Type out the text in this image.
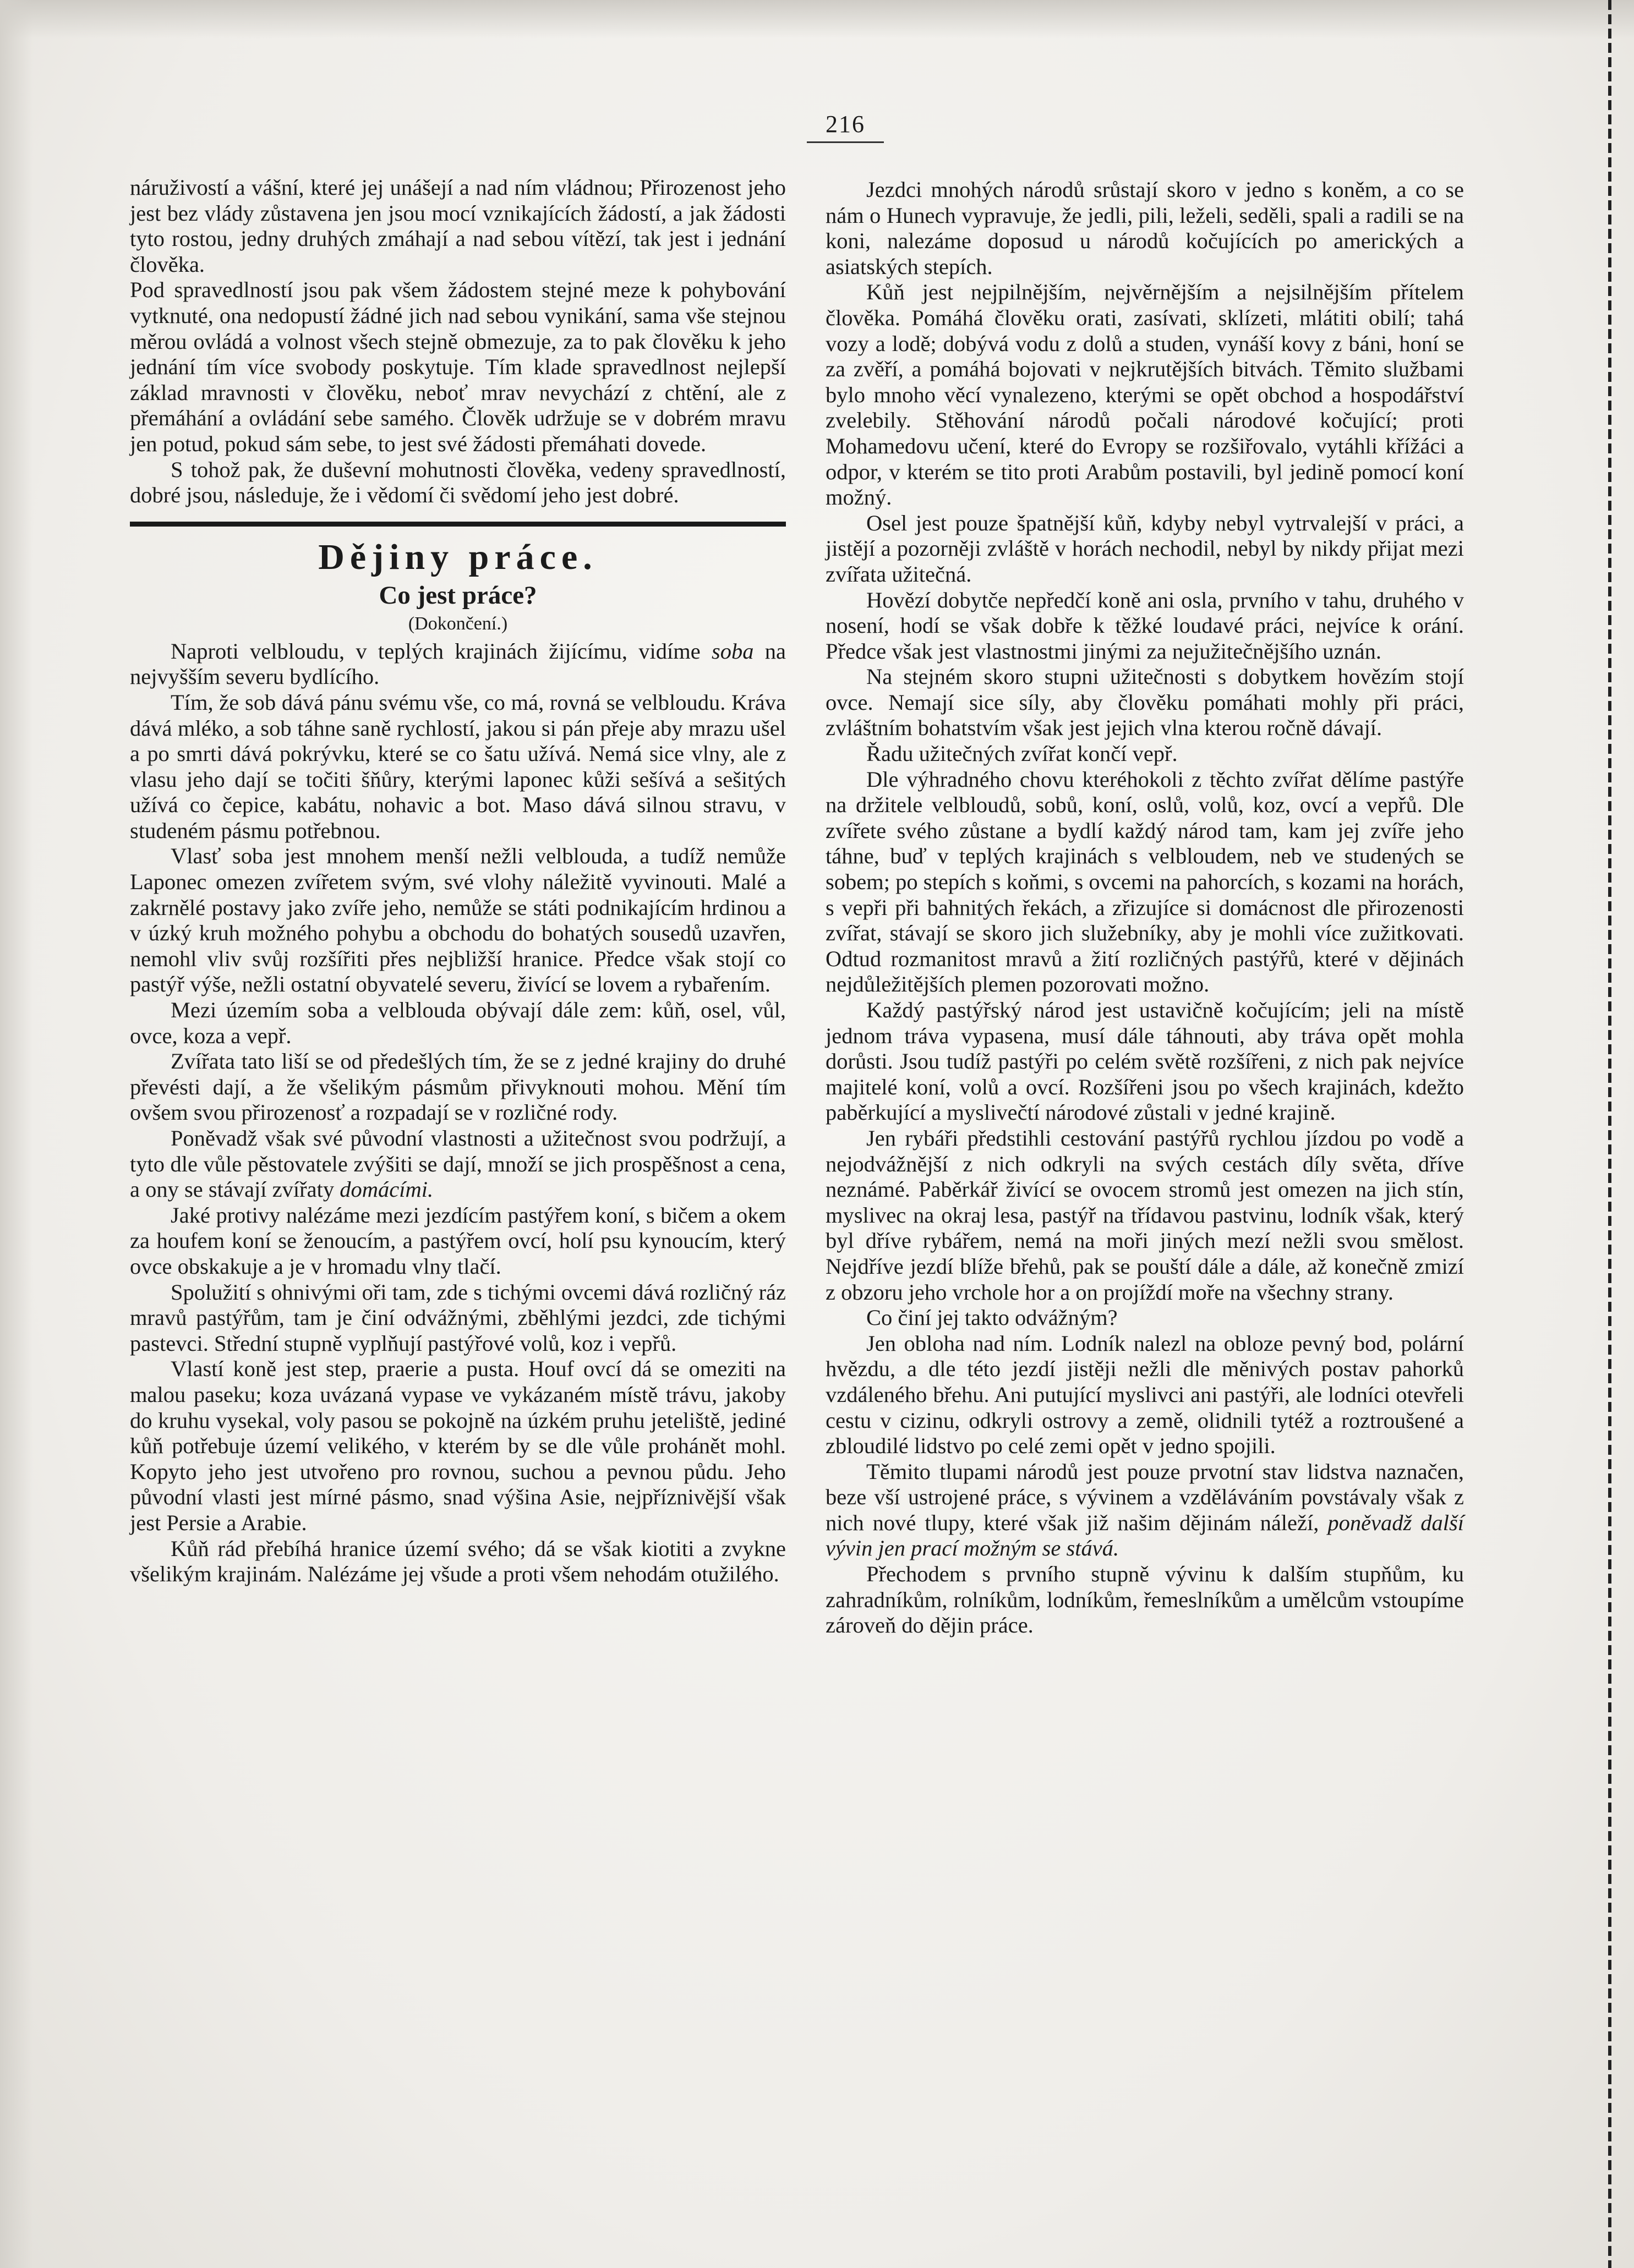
216

náruživostí a vášní, které jej unášejí a nad ním vládnou; Přirozenost jeho jest bez vlády zůstavena jen jsou mocí vznikajících žádostí, a jak žádosti tyto rostou, jedny druhých zmáhají a nad sebou vítězí, tak jest i jednání člověka.

Pod spravedlností jsou pak všem žádostem stejné meze k pohybování vytknuté, ona nedopustí žádné jich nad sebou vynikání, sama vše stejnou měrou ovládá a volnost všech stejně obmezuje, za to pak člověku k jeho jednání tím více svobody poskytuje. Tím klade spravedlnost nejlepší základ mravnosti v člověku, neboť mrav nevychází z chtění, ale z přemáhání a ovládání sebe samého. Člověk udržuje se v dobrém mravu jen potud, pokud sám sebe, to jest své žádosti přemáhati dovede.

S tohož pak, že duševní mohutnosti člověka, vedeny spravedlností, dobré jsou, následuje, že i vědomí či svědomí jeho jest dobré.

Dějiny práce.
Co jest práce?
(Dokončení.)

Naproti velbloudu, v teplých krajinách žijícímu, vidíme soba na nejvyšším severu bydlícího.

Tím, že sob dává pánu svému vše, co má, rovná se velbloudu. Kráva dává mléko, a sob táhne saně rychlostí, jakou si pán přeje aby mrazu ušel a po smrti dává pokrývku, které se co šatu užívá. Nemá sice vlny, ale z vlasu jeho dají se točiti šňůry, kterými laponec kůži sešívá a sešitých užívá co čepice, kabátu, nohavic a bot. Maso dává silnou stravu, v studeném pásmu potřebnou.

Vlasť soba jest mnohem menší nežli velblouda, a tudíž nemůže Laponec omezen zvířetem svým, své vlohy náležitě vyvinouti. Malé a zakrnělé postavy jako zvíře jeho, nemůže se státi podnikajícím hrdinou a v úzký kruh možného pohybu a obchodu do bohatých sousedů uzavřen, nemohl vliv svůj rozšířiti přes nejbližší hranice. Předce však stojí co pastýř výše, nežli ostatní obyvatelé severu, živící se lovem a rybařením.

Mezi územím soba a velblouda obývají dále zem: kůň, osel, vůl, ovce, koza a vepř.

Zvířata tato liší se od předešlých tím, že se z jedné krajiny do druhé převésti dají, a že všelikým pásmům přivyknouti mohou. Mění tím ovšem svou přirozenosť a rozpadají se v rozličné rody.

Poněvadž však své původní vlastnosti a užitečnost svou podržují, a tyto dle vůle pěstovatele zvýšiti se dají, množí se jich prospěšnost a cena, a ony se stávají zvířaty domácími.

Jaké protivy nalézáme mezi jezdícím pastýřem koní, s bičem a okem za houfem koní se ženoucím, a pastýřem ovcí, holí psu kynoucím, který ovce obskakuje a je v hromadu vlny tlačí.

Spolužití s ohnivými oři tam, zde s tichými ovcemi dává rozličný ráz mravů pastýřům, tam je činí odvážnými, zběhlými jezdci, zde tichými pastevci. Střední stupně vyplňují pastýřové volů, koz i vepřů.

Vlastí koně jest step, praerie a pusta. Houf ovcí dá se omeziti na malou paseku; koza uvázaná vypase ve vykázaném místě trávu, jakoby do kruhu vysekal, voly pasou se pokojně na úzkém pruhu jeteliště, jediné kůň potřebuje území velikého, v kterém by se dle vůle prohánět mohl. Kopyto jeho jest utvořeno pro rovnou, suchou a pevnou půdu. Jeho původní vlasti jest mírné pásmo, snad výšina Asie, nejpříznivější však jest Persie a Arabie.

Kůň rád přebíhá hranice území svého; dá se však kiotiti a zvykne všelikým krajinám. Nalézáme jej všude a proti všem nehodám otužilého.

Jezdci mnohých národů srůstají skoro v jedno s koněm, a co se nám o Hunech vypravuje, že jedli, pili, leželi, seděli, spali a radili se na koni, nalezáme doposud u národů kočujících po amerických a asiatských stepích.

Kůň jest nejpilnějším, nejvěrnějším a nejsilnějším přítelem člověka. Pomáhá člověku orati, zasívati, sklízeti, mlátiti obilí; tahá vozy a lodě; dobývá vodu z dolů a studen, vynáší kovy z báni, honí se za zvěří, a pomáhá bojovati v nejkrutějších bitvách. Těmito službami bylo mnoho věcí vynalezeno, kterými se opět obchod a hospodářství zvelebily. Stěhování národů počali národové kočující; proti Mohamedovu učení, které do Evropy se rozšiřovalo, vytáhli křížáci a odpor, v kterém se tito proti Arabům postavili, byl jedině pomocí koní možný.

Osel jest pouze špatnější kůň, kdyby nebyl vytrvalejší v práci, a jistějí a pozorněji zvláště v horách nechodil, nebyl by nikdy přijat mezi zvířata užitečná.

Hovězí dobytče nepředčí koně ani osla, prvního v tahu, druhého v nosení, hodí se však dobře k těžké loudavé práci, nejvíce k orání. Předce však jest vlastnostmi jinými za nejužitečnějšího uznán.

Na stejném skoro stupni užitečnosti s dobytkem hovězím stojí ovce. Nemají sice síly, aby člověku pomáhati mohly při práci, zvláštním bohatstvím však jest jejich vlna kterou ročně dávají.

Řadu užitečných zvířat končí vepř.

Dle výhradného chovu kteréhokoli z těchto zvířat dělíme pastýře na držitele velbloudů, sobů, koní, oslů, volů, koz, ovcí a vepřů. Dle zvířete svého zůstane a bydlí každý národ tam, kam jej zvíře jeho táhne, buď v teplých krajinách s velbloudem, neb ve studených se sobem; po stepích s koňmi, s ovcemi na pahorcích, s kozami na horách, s vepři při bahnitých řekách, a zřizujíce si domácnost dle přirozenosti zvířat, stávají se skoro jich služebníky, aby je mohli více zužitkovati. Odtud rozmanitost mravů a žití rozličných pastýřů, které v dějinách nejdůležitějších plemen pozorovati možno.

Každý pastýřský národ jest ustavičně kočujícím; jeli na místě jednom tráva vypasena, musí dále táhnouti, aby tráva opět mohla dorůsti. Jsou tudíž pastýři po celém světě rozšířeni, z nich pak nejvíce majitelé koní, volů a ovcí. Rozšířeni jsou po všech krajinách, kdežto paběrkující a myslivečtí národové zůstali v jedné krajině.

Jen rybáři předstihli cestování pastýřů rychlou jízdou po vodě a nejodvážnější z nich odkryli na svých cestách díly světa, dříve neznámé. Paběrkář živící se ovocem stromů jest omezen na jich stín, myslivec na okraj lesa, pastýř na třídavou pastvinu, lodník však, který byl dříve rybářem, nemá na moři jiných mezí nežli svou smělost. Nejdříve jezdí blíže břehů, pak se pouští dále a dále, až konečně zmizí z obzoru jeho vrchole hor a on projíždí moře na všechny strany.

Co činí jej takto odvážným?

Jen obloha nad ním. Lodník nalezl na obloze pevný bod, polární hvězdu, a dle této jezdí jistěji nežli dle měnivých postav pahorků vzdáleného břehu. Ani putující myslivci ani pastýři, ale lodníci otevřeli cestu v cizinu, odkryli ostrovy a země, olidnili tytéž a roztroušené a zbloudilé lidstvo po celé zemi opět v jedno spojili.

Těmito tlupami národů jest pouze prvotní stav lidstva naznačen, beze vší ustrojené práce, s vývinem a vzděláváním povstávaly však z nich nové tlupy, které však již našim dějinám náleží, poněvadž další vývin jen prací možným se stává.

Přechodem s prvního stupně vývinu k dalším stupňům, ku zahradníkům, rolníkům, lodníkům, řemeslníkům a umělcům vstoupíme zároveň do dějin práce.
